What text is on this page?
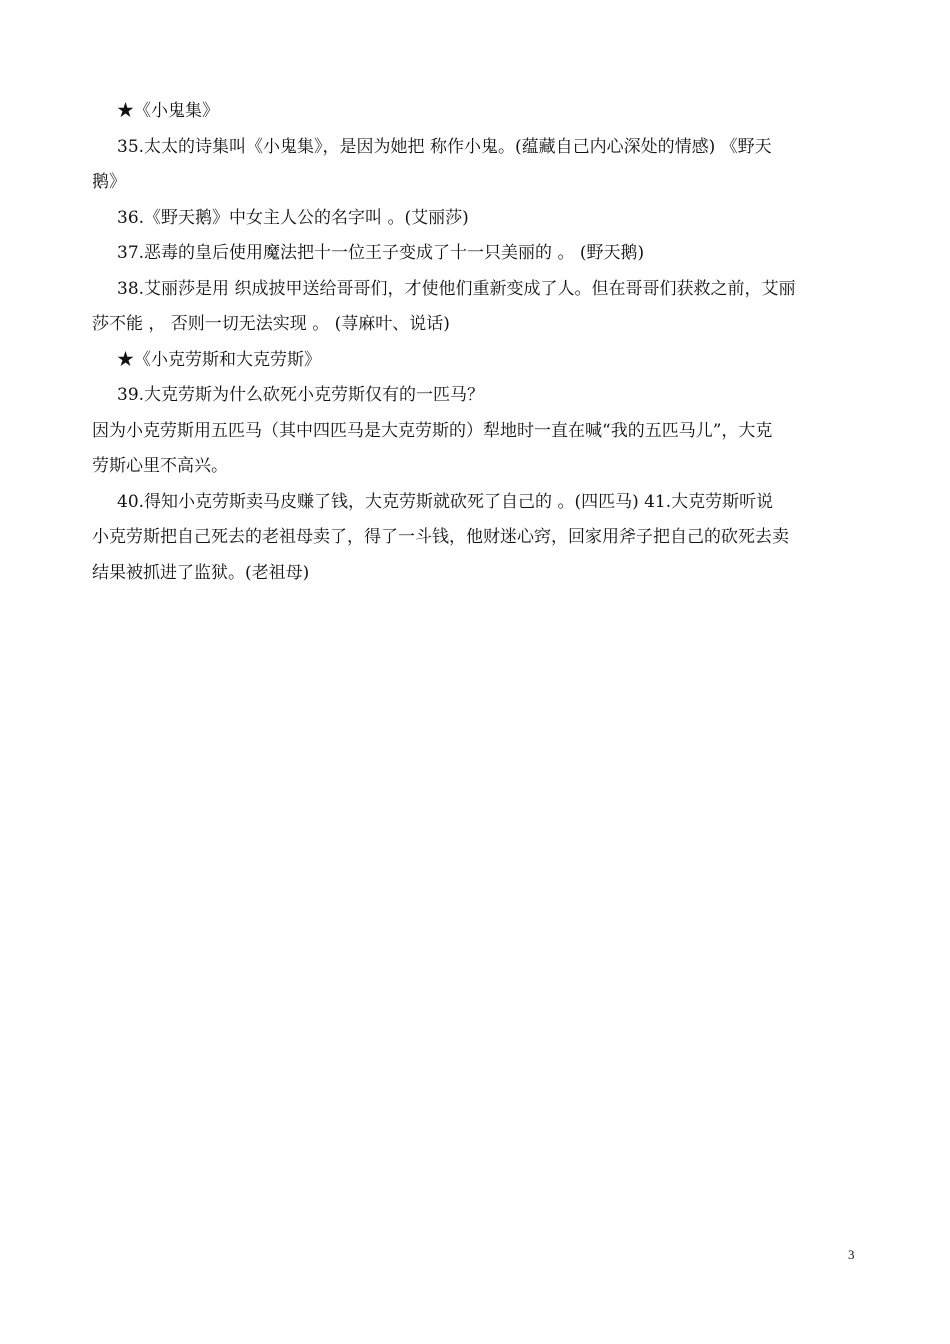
★《小鬼集》
35.太太的诗集叫《小鬼集》，是因为她把 称作小鬼。(蕴藏自己内心深处的情感) 《野天
鹅》
36.《野天鹅》中女主人公的名字叫 。(艾丽莎)
37.恶毒的皇后使用魔法把十一位王子变成了十一只美丽的 。 (野天鹅)
38.艾丽莎是用 织成披甲送给哥哥们，才使他们重新变成了人。但在哥哥们获救之前，艾丽
莎不能 ， 否则一切无法实现 。 (荨麻叶、说话)
★《小克劳斯和大克劳斯》
39.大克劳斯为什么砍死小克劳斯仅有的一匹马？
因为小克劳斯用五匹马（其中四匹马是大克劳斯的）犁地时一直在喊“我的五匹马儿”，大克
劳斯心里不高兴。
40.得知小克劳斯卖马皮赚了钱，大克劳斯就砍死了自己的 。(四匹马) 41.大克劳斯听说
小克劳斯把自己死去的老祖母卖了，得了一斗钱，他财迷心窍，回家用斧子把自己的砍死去卖
结果被抓进了监狱。(老祖母)
3
